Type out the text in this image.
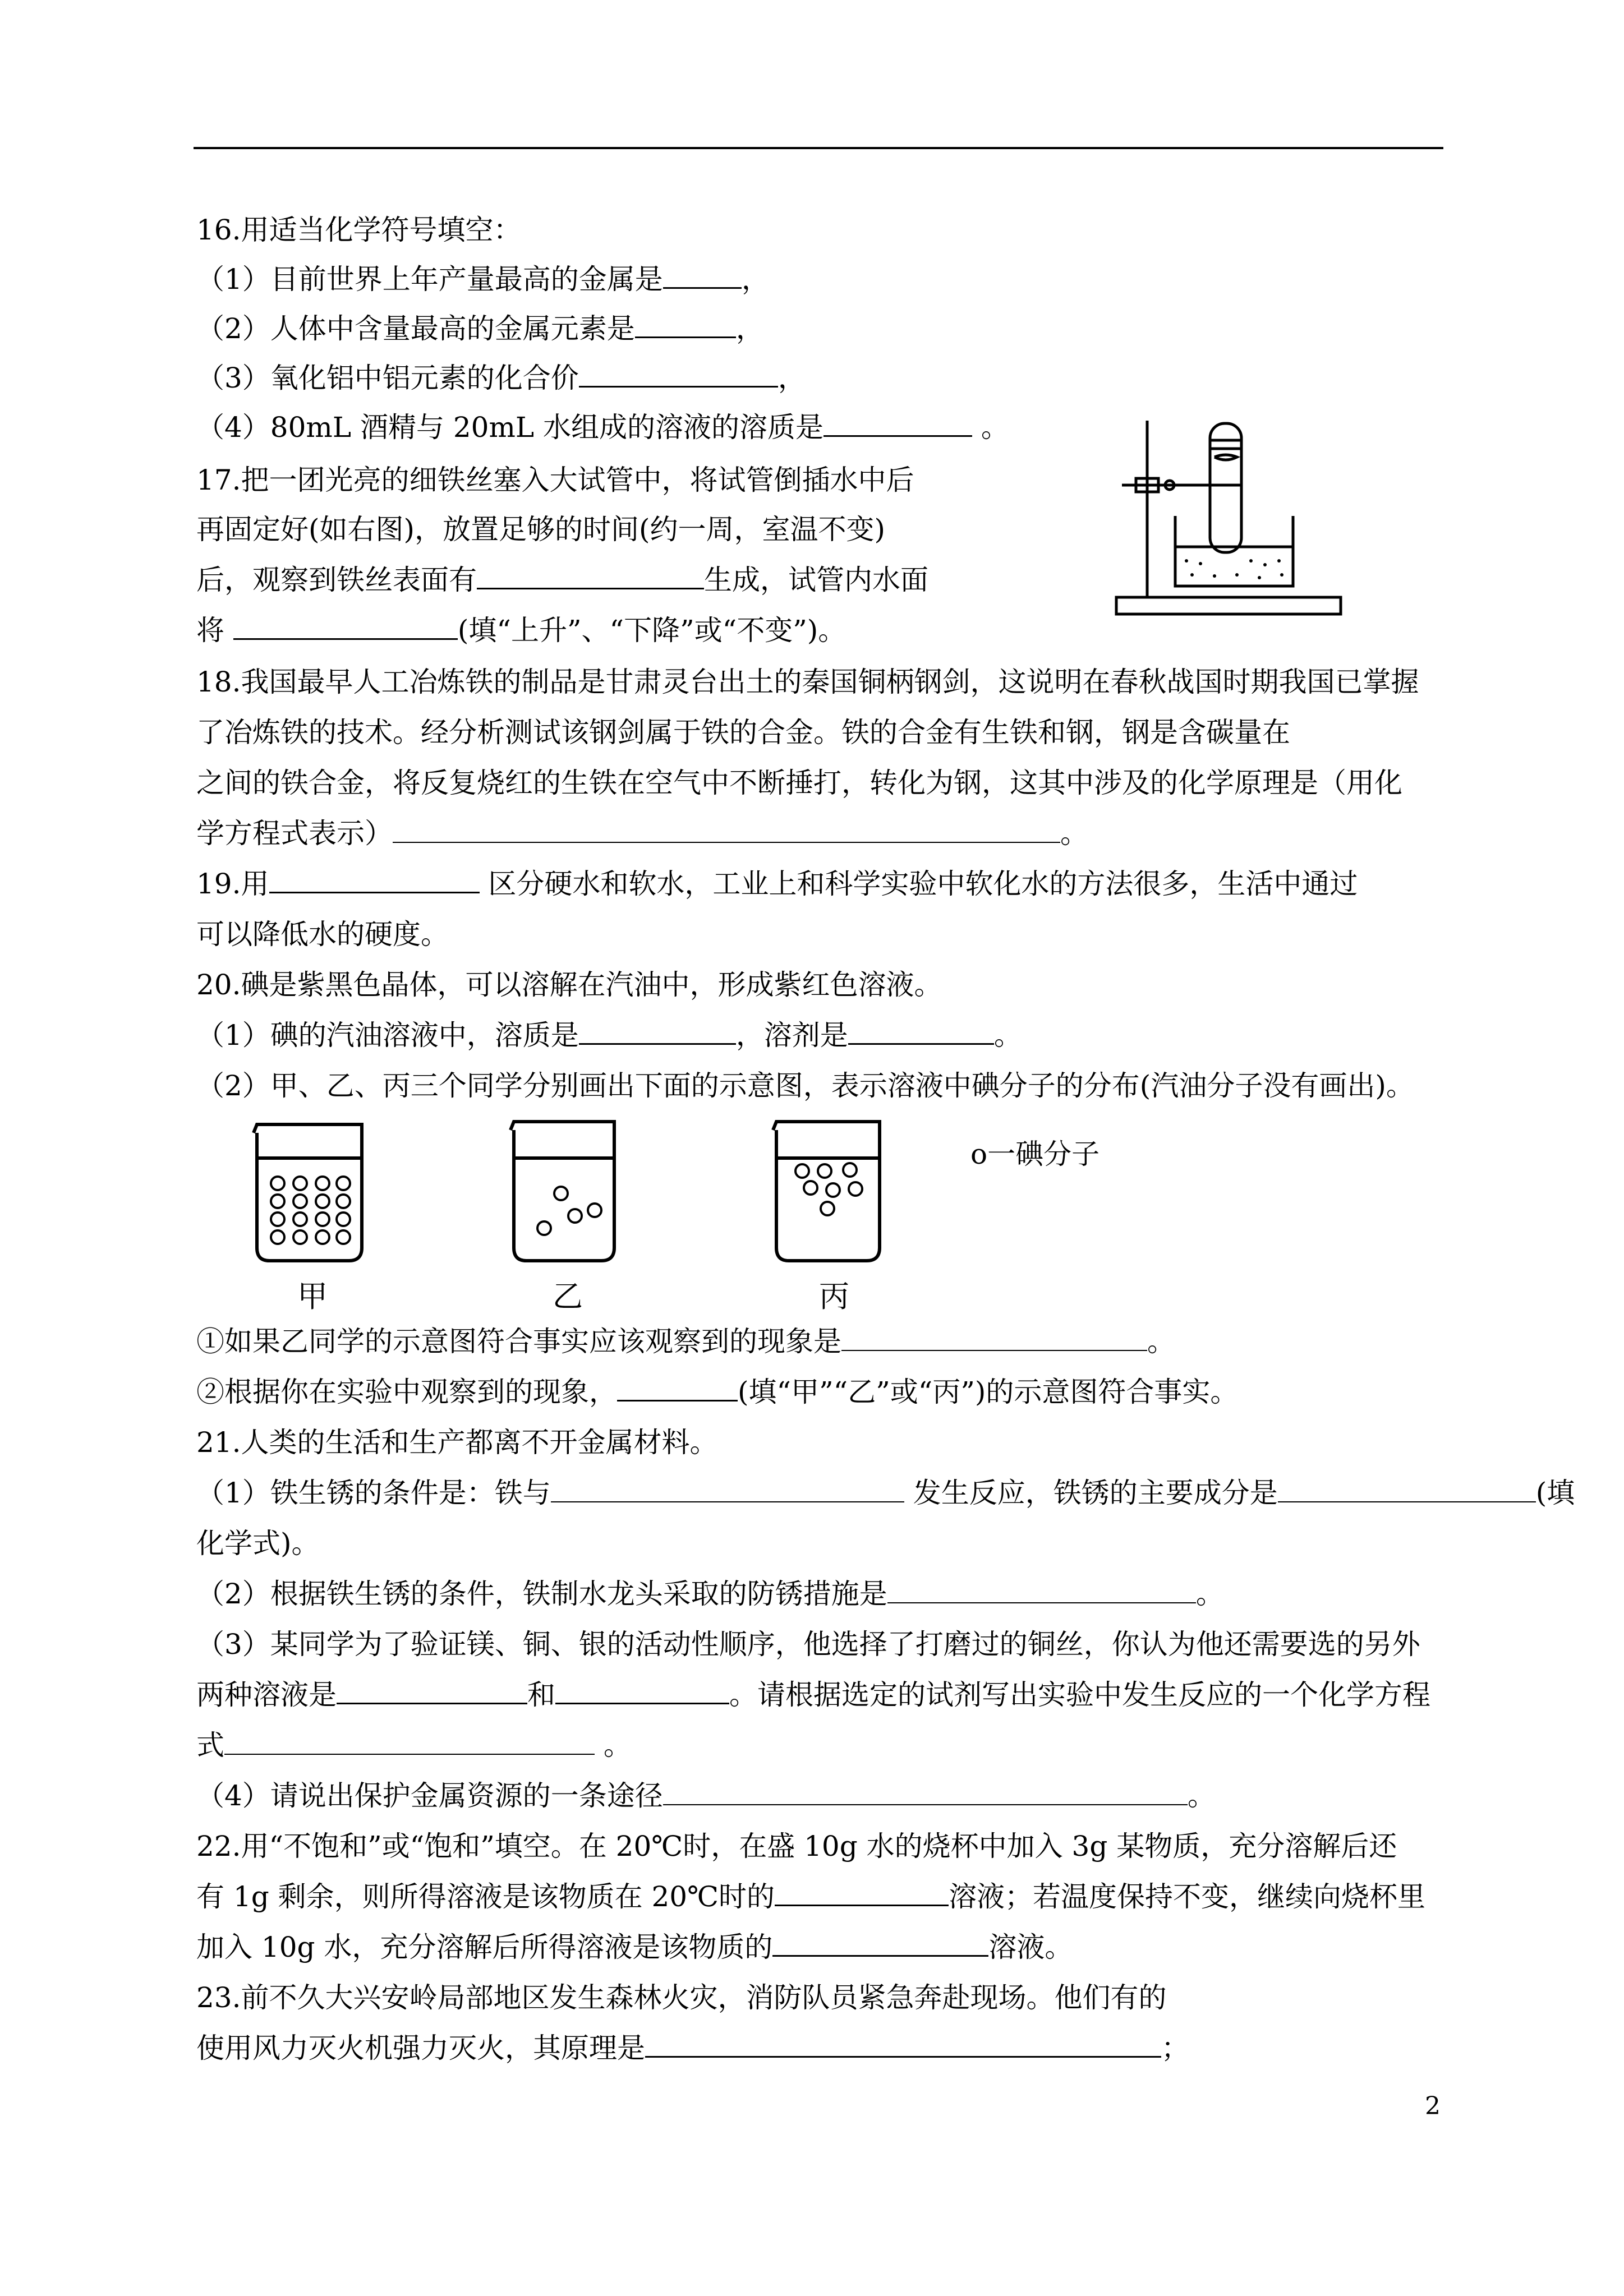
16.用适当化学符号填空：
（1）目前世界上年产量最高的金属是	，
（2）人体中含量最高的金属元素是	，
（3）氧化铝中铝元素的化合价	，
（4）80mL 酒精与 20mL 水组成的溶液的溶质是	。
17.把一团光亮的细铁丝塞入大试管中，将试管倒插水中后
再固定好(如右图)，放置足够的时间(约一周，室温不变)
后，观察到铁丝表面有	生成，试管内水面
将	(填“上升”、“下降”或“不变”)。
18.我国最早人工冶炼铁的制品是甘肃灵台出土的秦国铜柄钢剑，这说明在春秋战国时期我国已掌握
了冶炼铁的技术。经分析测试该钢剑属于铁的合金。铁的合金有生铁和钢，钢是含碳量在
之间的铁合金，将反复烧红的生铁在空气中不断捶打，转化为钢，这其中涉及的化学原理是（用化
学方程式表示）	。
19.用	区分硬水和软水，工业上和科学实验中软化水的方法很多，生活中通过
可以降低水的硬度。
20.碘是紫黑色晶体，可以溶解在汽油中，形成紫红色溶液。
（1）碘的汽油溶液中，溶质是	，溶剂是	。
（2）甲、乙、丙三个同学分别画出下面的示意图，表示溶液中碘分子的分布(汽油分子没有画出)。
甲	乙	丙
o一碘分子
①如果乙同学的示意图符合事实应该观察到的现象是	。
②根据你在实验中观察到的现象，	(填“甲”“乙”或“丙”)的示意图符合事实。
21.人类的生活和生产都离不开金属材料。
（1）铁生锈的条件是：铁与	发生反应，铁锈的主要成分是	(填
化学式)。
（2）根据铁生锈的条件，铁制水龙头采取的防锈措施是	。
（3）某同学为了验证镁、铜、银的活动性顺序，他选择了打磨过的铜丝，你认为他还需要选的另外
两种溶液是	和	。请根据选定的试剂写出实验中发生反应的一个化学方程
式	。
（4）请说出保护金属资源的一条途径	。
22.用“不饱和”或“饱和”填空。在 20℃时，在盛 10g 水的烧杯中加入 3g 某物质，充分溶解后还
有 1g 剩余，则所得溶液是该物质在 20℃时的	溶液；若温度保持不变，继续向烧杯里
加入 10g 水，充分溶解后所得溶液是该物质的	溶液。
23.前不久大兴安岭局部地区发生森林火灾，消防队员紧急奔赴现场。他们有的
使用风力灭火机强力灭火，其原理是	；
2
